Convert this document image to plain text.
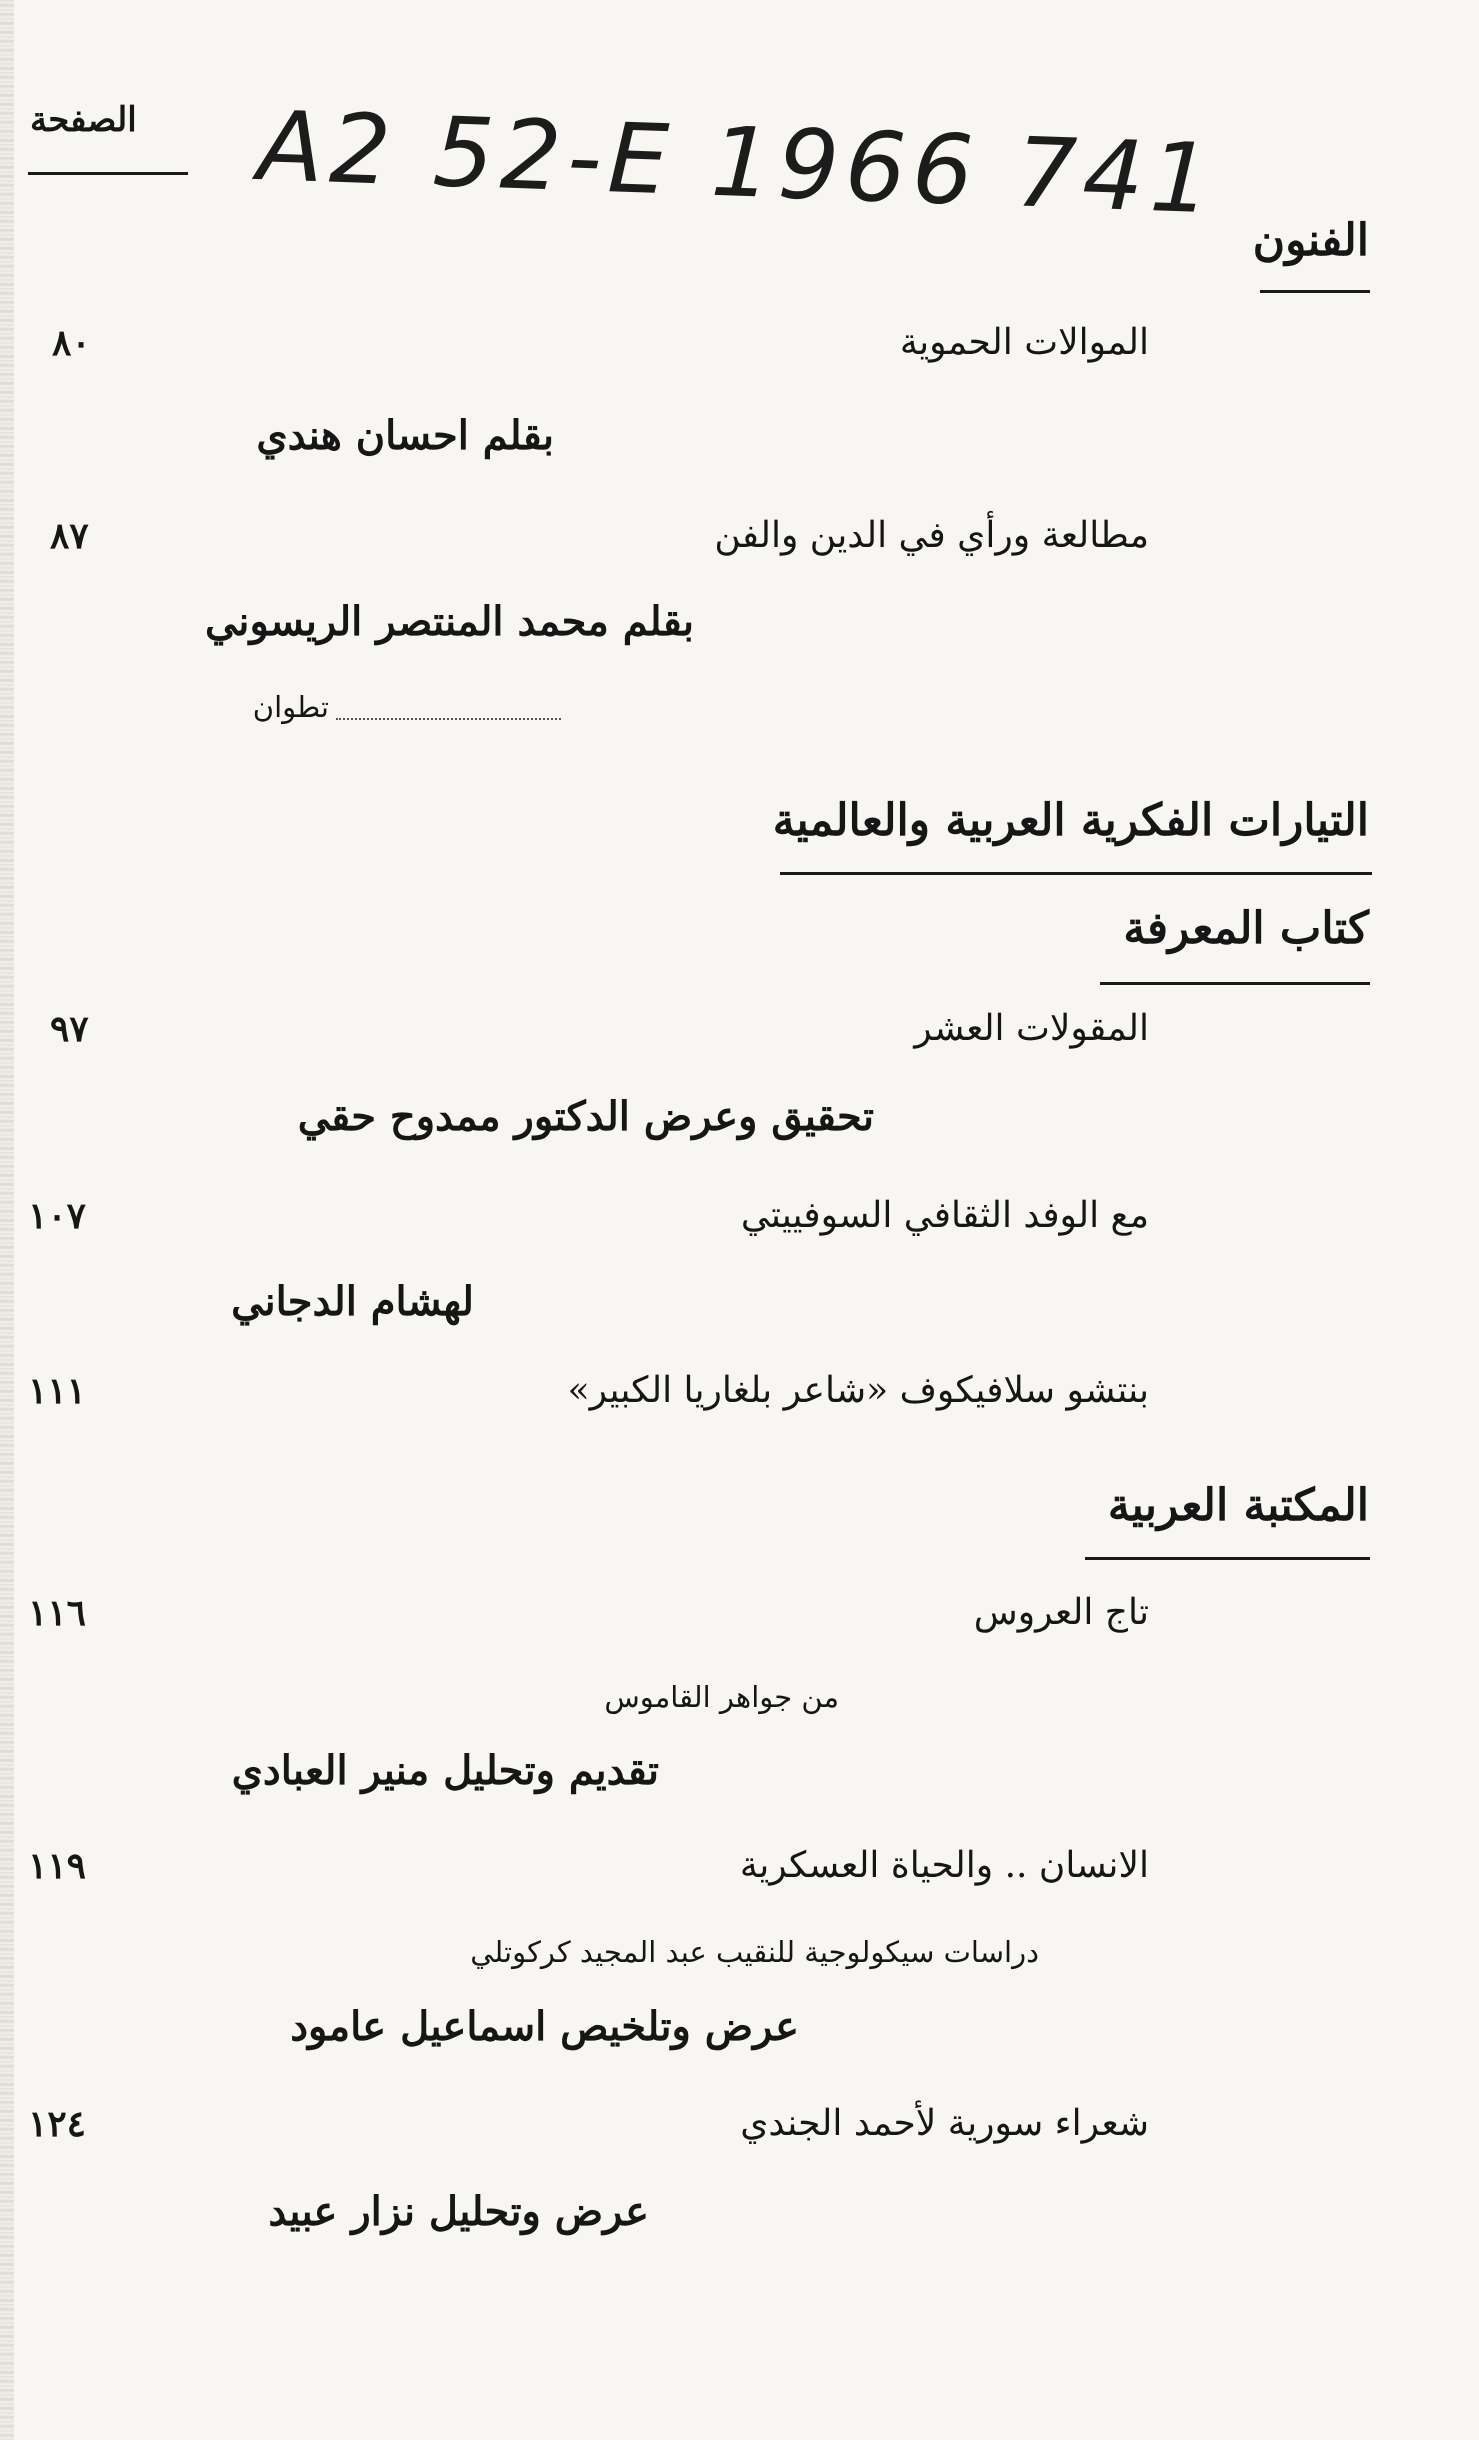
الصفحة A2 52-E 1966 741
الفنون
الموالات الحموية
٨٠
بقلم احسان هندي
مطالعة ورأي في الدين والفن
٨٧
بقلم محمد المنتصر الريسوني
تطوان
التيارات الفكرية العربية والعالمية
كتاب المعرفة
المقولات العشر
٩٧
تحقيق وعرض الدكتور ممدوح حقي
مع الوفد الثقافي السوفييتي
١٠٧
لهشام الدجاني
بنتشو سلافيكوف «شاعر بلغاريا الكبير»
١١١
المكتبة العربية
تاج العروس
١١٦
من جواهر القاموس
تقديم وتحليل منير العبادي
الانسان .. والحياة العسكرية
١١٩
دراسات سيكولوجية للنقيب عبد المجيد كركوتلي
عرض وتلخيص اسماعيل عامود
شعراء سورية لأحمد الجندي
١٢٤
عرض وتحليل نزار عبيد
